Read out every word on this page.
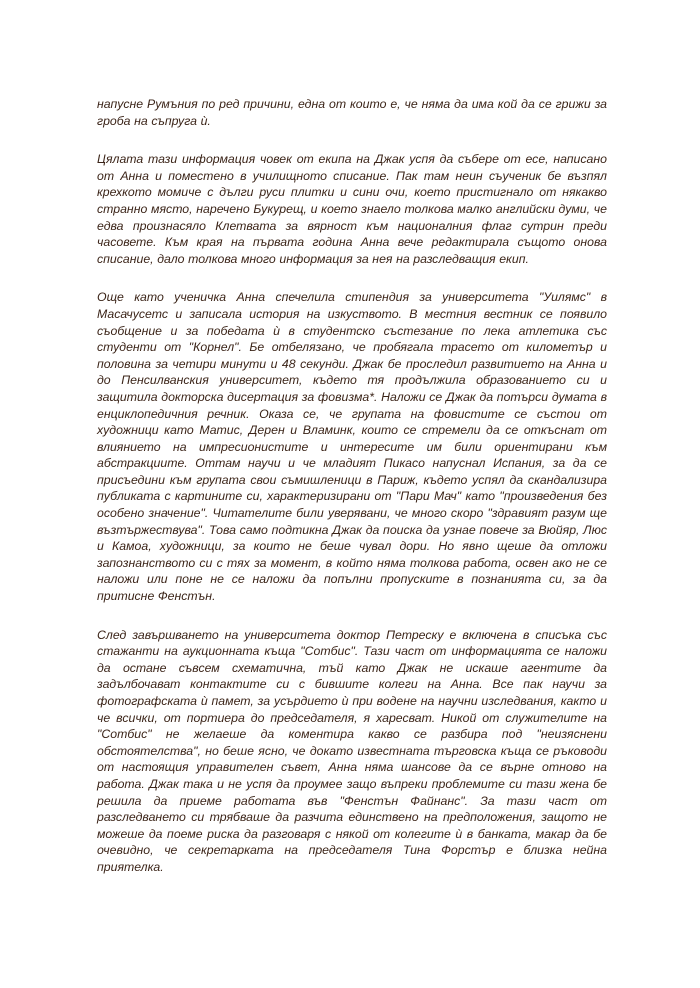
напусне Румъния по ред причини, една от които е, че няма да има кой да се грижи за гроба на съпруга ѝ.

Цялата тази информация човек от екипа на Джак успя да събере от есе, написано от Анна и поместено в училищното списание. Пак там неин съученик бе възпял крехкото момиче с дълги руси плитки и сини очи, което пристигнало от някакво странно място, наречено Букурещ, и което знаело толкова малко английски думи, че едва произнасяло Клетвата за вярност към националния флаг сутрин преди часовете. Към края на първата година Анна вече редактирала същото онова списание, дало толкова много информация за нея на разследващия екип.

Още като ученичка Анна спечелила стипендия за университета "Уилямс" в Масачусетс и записала история на изкуството. В местния вестник се появило съобщение и за победата ѝ в студентско състезание по лека атлетика със студенти от "Корнел". Бе отбелязано, че пробягала трасето от километър и половина за четири минути и 48 секунди. Джак бе проследил развитието на Анна и до Пенсилванския университет, където тя продължила образованието си и защитила докторска дисертация за фовизма*. Наложи се Джак да потърси думата в енциклопедичния речник. Оказа се, че групата на фовистите се състои от художници като Матис, Дерен и Вламинк, които се стремели да се откъснат от влиянието на импресионистите и интересите им били ориентирани към абстракциите. Оттам научи и че младият Пикасо напуснал Испания, за да се присъедини към групата свои съмишленици в Париж, където успял да скандализира публиката с картините си, характеризирани от "Пари Мач" като "произведения без особено значение". Читателите били уверявани, че много скоро "здравият разум ще възтържествува". Това само подтикна Джак да поиска да узнае повече за Вюйяр, Люс и Камоа, художници, за които не беше чувал дори. Но явно щеше да отложи запознанството си с тях за момент, в който няма толкова работа, освен ако не се наложи или поне не се наложи да попълни пропуските в познанията си, за да притисне Фенстън.

След завършването на университета доктор Петреску е включена в списъка със стажанти на аукционната къща "Сотбис". Тази част от информацията се наложи да остане съвсем схематична, тъй като Джак не искаше агентите да задълбочават контактите си с бившите колеги на Анна. Все пак научи за фотографската ѝ памет, за усърдието ѝ при водене на научни изследвания, както и че всички, от портиера до председателя, я харесват. Никой от служителите на "Сотбис" не желаеше да коментира какво се разбира под "неизяснени обстоятелства", но беше ясно, че докато известната търговска къща се ръководи от настоящия управителен съвет, Анна няма шансове да се върне отново на работа. Джак така и не успя да проумее защо въпреки проблемите си тази жена бе решила да приеме работата във "Фенстън Файнанс". За тази част от разследването си трябваше да разчита единствено на предположения, защото не можеше да поеме риска да разговаря с някой от колегите ѝ в банката, макар да бе очевидно, че секретарката на председателя Тина Форстър е близка нейна приятелка.
